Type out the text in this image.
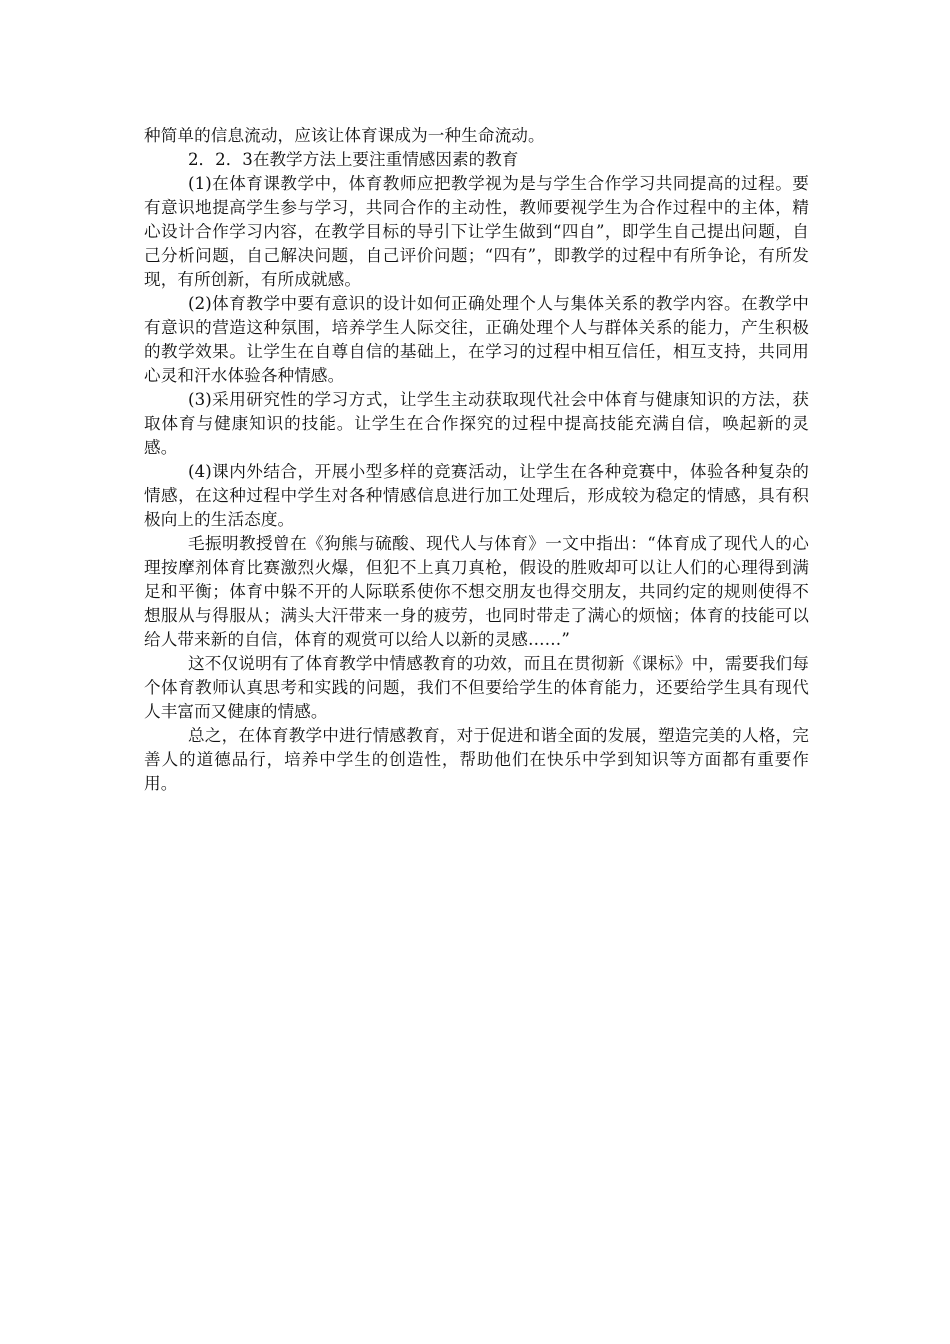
种简单的信息流动，应该让体育课成为一种生命流动。

2．2．3在教学方法上要注重情感因素的教育

(1)在体育课教学中，体育教师应把教学视为是与学生合作学习共同提高的过程。要有意识地提高学生参与学习，共同合作的主动性，教师要视学生为合作过程中的主体，精心设计合作学习内容，在教学目标的导引下让学生做到“四自”，即学生自己提出问题，自己分析问题，自己解决问题，自己评价问题；“四有”，即教学的过程中有所争论，有所发现，有所创新，有所成就感。

(2)体育教学中要有意识的设计如何正确处理个人与集体关系的教学内容。在教学中有意识的营造这种氛围，培养学生人际交往，正确处理个人与群体关系的能力，产生积极的教学效果。让学生在自尊自信的基础上，在学习的过程中相互信任，相互支持，共同用心灵和汗水体验各种情感。

(3)采用研究性的学习方式，让学生主动获取现代社会中体育与健康知识的方法，获取体育与健康知识的技能。让学生在合作探究的过程中提高技能充满自信，唤起新的灵感。

(4)课内外结合，开展小型多样的竞赛活动，让学生在各种竞赛中，体验各种复杂的情感，在这种过程中学生对各种情感信息进行加工处理后，形成较为稳定的情感，具有积极向上的生活态度。

毛振明教授曾在《狗熊与硫酸、现代人与体育》一文中指出：“体育成了现代人的心理按摩剂体育比赛激烈火爆，但犯不上真刀真枪，假设的胜败却可以让人们的心理得到满足和平衡；体育中躲不开的人际联系使你不想交朋友也得交朋友，共同约定的规则使得不想服从与得服从；满头大汗带来一身的疲劳，也同时带走了满心的烦恼；体育的技能可以给人带来新的自信，体育的观赏可以给人以新的灵感……”

这不仅说明有了体育教学中情感教育的功效，而且在贯彻新《课标》中，需要我们每个体育教师认真思考和实践的问题，我们不但要给学生的体育能力，还要给学生具有现代人丰富而又健康的情感。

总之，在体育教学中进行情感教育，对于促进和谐全面的发展，塑造完美的人格，完善人的道德品行，培养中学生的创造性，帮助他们在快乐中学到知识等方面都有重要作用。
